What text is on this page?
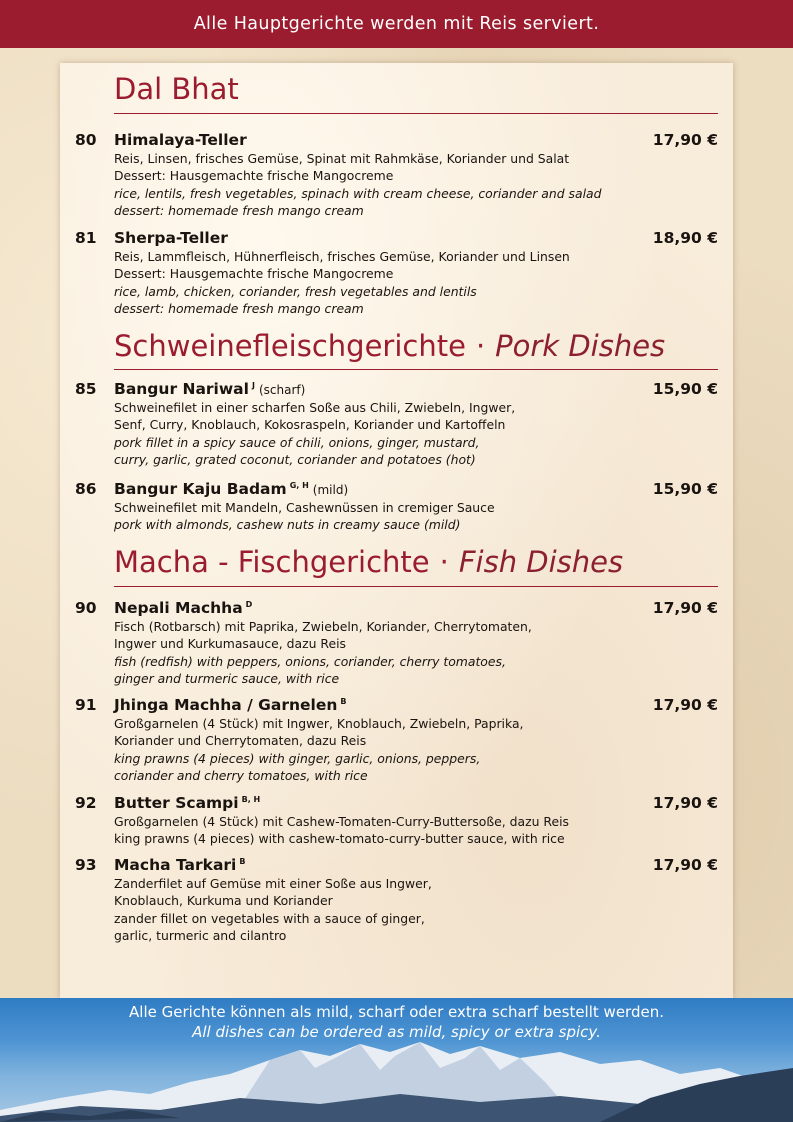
Alle Hauptgerichte werden mit Reis serviert.
Dal Bhat
80 Himalaya-Teller	17,90 €
Reis, Linsen, frisches Gemüse, Spinat mit Rahmkäse, Koriander und Salat
Dessert: Hausgemachte frische Mangocreme
rice, lentils, fresh vegetables, spinach with cream cheese, coriander and salad
dessert: homemade fresh mango cream
81 Sherpa-Teller	18,90 €
Reis, Lammfleisch, Hühnerfleisch, frisches Gemüse, Koriander und Linsen
Dessert: Hausgemachte frische Mangocreme
rice, lamb, chicken, coriander, fresh vegetables and lentils
dessert: homemade fresh mango cream
Schweinefleischgerichte · Pork Dishes
85 Bangur Nariwal $^J$ (scharf)	15,90 €
Schweinefilet in einer scharfen Soße aus Chili, Zwiebeln, Ingwer,
Senf, Curry, Knoblauch, Kokosraspeln, Koriander und Kartoffeln
pork fillet in a spicy sauce of chili, onions, ginger, mustard,
curry, garlic, grated coconut, coriander and potatoes (hot)
86 Bangur Kaju Badam $^{G, H}$ (mild)	15,90 €
Schweinefilet mit Mandeln, Cashewnüssen in cremiger Sauce
pork with almonds, cashew nuts in creamy sauce (mild)
Macha - Fischgerichte · Fish Dishes
90 Nepali Machha $^D$	17,90 €
Fisch (Rotbarsch) mit Paprika, Zwiebeln, Koriander, Cherrytomaten,
Ingwer und Kurkumasauce, dazu Reis
fish (redfish) with peppers, onions, coriander, cherry tomatoes,
ginger and turmeric sauce, with rice
91 Jhinga Machha / Garnelen $^B$	17,90 €
Großgarnelen (4 Stück) mit Ingwer, Knoblauch, Zwiebeln, Paprika,
Koriander und Cherrytomaten, dazu Reis
king prawns (4 pieces) with ginger, garlic, onions, peppers,
coriander and cherry tomatoes, with rice
92 Butter Scampi $^{B, H}$	17,90 €
Großgarnelen (4 Stück) mit Cashew-Tomaten-Curry-Buttersoße, dazu Reis
king prawns (4 pieces) with cashew-tomato-curry-butter sauce, with rice
93 Macha Tarkari $^B$	17,90 €
Zanderfilet auf Gemüse mit einer Soße aus Ingwer,
Knoblauch, Kurkuma und Koriander
zander fillet on vegetables with a sauce of ginger,
garlic, turmeric and cilantro
Alle Gerichte können als mild, scharf oder extra scharf bestellt werden.
All dishes can be ordered as mild, spicy or extra spicy.
